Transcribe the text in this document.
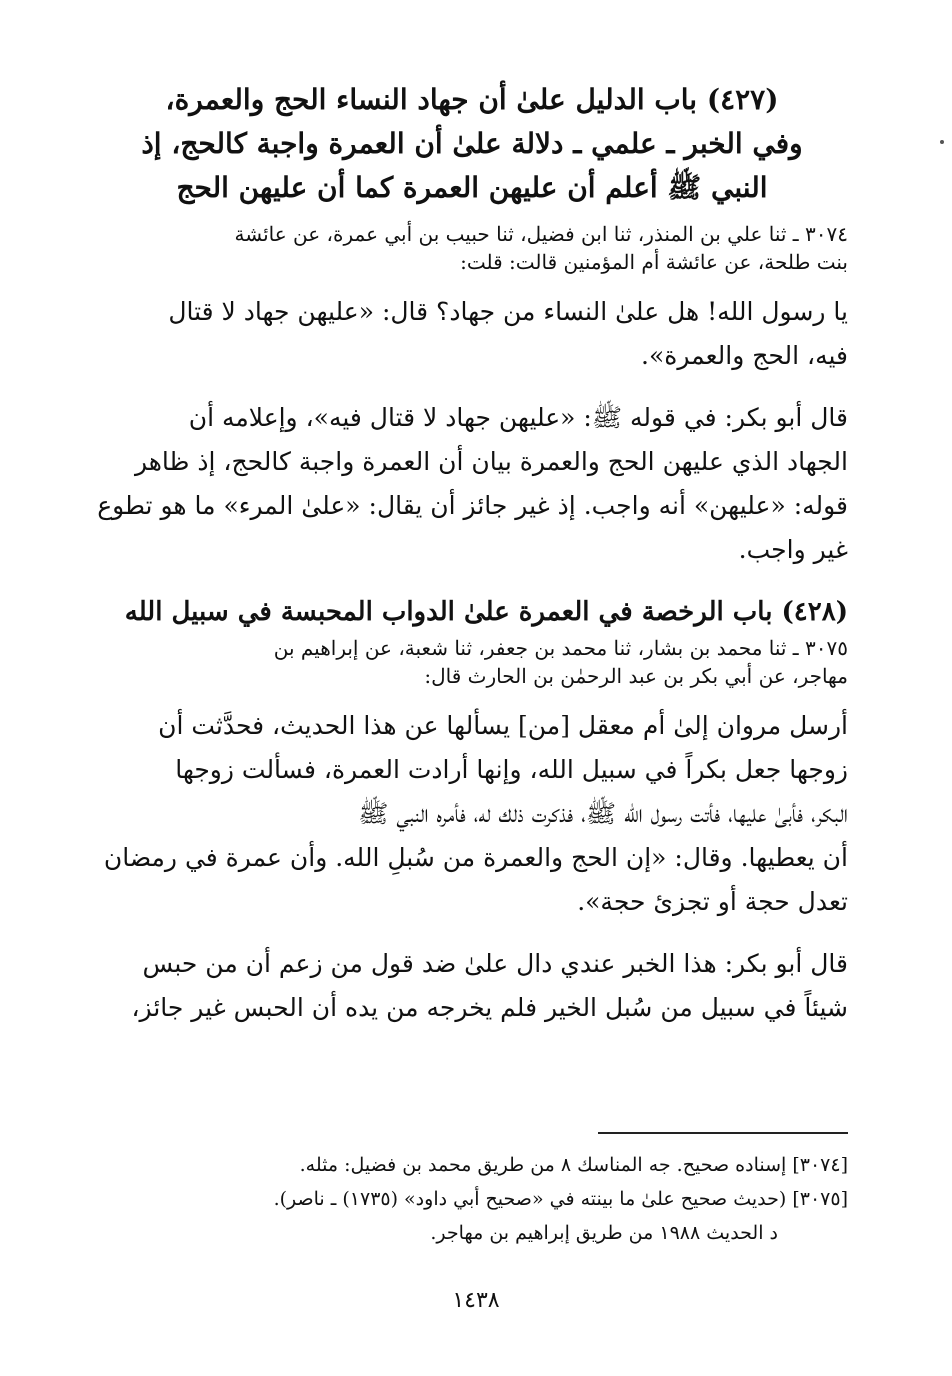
(٤٢٧) باب الدليل علىٰ أن جهاد النساء الحج والعمرة،
وفي الخبر ـ علمي ـ دلالة علىٰ أن العمرة واجبة كالحج، إذ
النبي ﷺ أعلم أن عليهن العمرة كما أن عليهن الحج
٣٠٧٤ ـ ثنا علي بن المنذر، ثنا ابن فضيل، ثنا حبيب بن أبي عمرة، عن عائشة
بنت طلحة، عن عائشة أم المؤمنين قالت: قلت:
يا رسول الله! هل علىٰ النساء من جهاد؟ قال: «عليهن جهاد لا قتال
فيه، الحج والعمرة».
قال أبو بكر: في قوله ﷺ: «عليهن جهاد لا قتال فيه»، وإعلامه أن
الجهاد الذي عليهن الحج والعمرة بيان أن العمرة واجبة كالحج، إذ ظاهر
قوله: «عليهن» أنه واجب. إذ غير جائز أن يقال: «علىٰ المرء» ما هو تطوع
غير واجب.
(٤٢٨) باب الرخصة في العمرة علىٰ الدواب المحبسة في سبيل الله
٣٠٧٥ ـ ثنا محمد بن بشار، ثنا محمد بن جعفر، ثنا شعبة، عن إبراهيم بن
مهاجر، عن أبي بكر بن عبد الرحمٰن بن الحارث قال:
أرسل مروان إلىٰ أم معقل [من] يسألها عن هذا الحديث، فحدَّثت أن
زوجها جعل بكراً في سبيل الله، وإنها أرادت العمرة، فسألت زوجها
البكر، فأبىٰ عليها، فأتت رسول الله ﷺ، فذكرت ذلك له، فأمره النبي ﷺ
أن يعطيها. وقال: «إن الحج والعمرة من سُبلِ الله. وأن عمرة في رمضان
تعدل حجة أو تجزئ حجة».
قال أبو بكر: هذا الخبر عندي دال علىٰ ضد قول من زعم أن من حبس
شيئاً في سبيل من سُبل الخير فلم يخرجه من يده أن الحبس غير جائز،
[٣٠٧٤] إسناده صحيح. جه المناسك ٨ من طريق محمد بن فضيل: مثله.
[٣٠٧٥] (حديث صحيح علىٰ ما بينته في «صحيح أبي داود» (١٧٣٥) ـ ناصر).
د الحديث ١٩٨٨ من طريق إبراهيم بن مهاجر.
١٤٣٨
